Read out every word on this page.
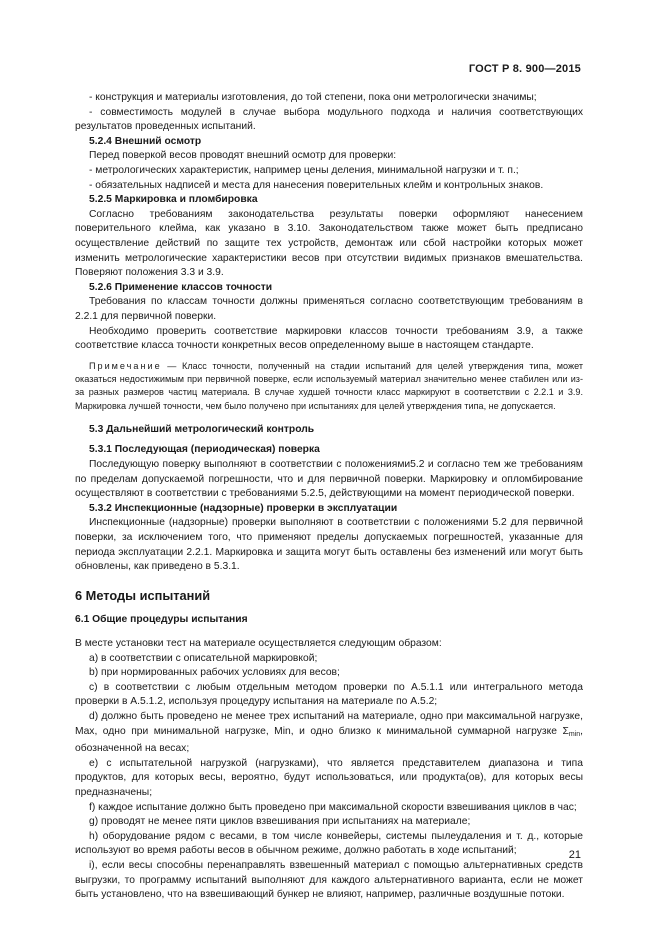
ГОСТ Р 8. 900—2015

- конструкция и материалы изготовления, до той степени, пока они метрологически значимы;

- совместимость модулей в случае выбора модульного подхода и наличия соответствующих результатов проведенных испытаний.

5.2.4 Внешний осмотр

Перед поверкой весов проводят внешний осмотр для проверки:

- метрологических характеристик, например цены деления, минимальной нагрузки и т. п.;

- обязательных надписей и места для нанесения поверительных клейм и контрольных знаков.

5.2.5 Маркировка и пломбировка

Согласно требованиям законодательства результаты поверки оформляют нанесением поверительного клейма, как указано в 3.10. Законодательством также может быть предписано осуществление действий по защите тех устройств, демонтаж или сбой настройки которых может изменить метрологические характеристики весов при отсутствии видимых признаков вмешательства. Поверяют положения 3.3 и 3.9.

5.2.6 Применение классов точности

Требования по классам точности должны применяться согласно соответствующим требованиям в 2.2.1 для первичной поверки.

Необходимо проверить соответствие маркировки классов точности требованиям 3.9, а также соответствие класса точности конкретных весов определенному выше в настоящем стандарте.

Примечание — Класс точности, полученный на стадии испытаний для целей утверждения типа, может оказаться недостижимым при первичной поверке, если используемый материал значительно менее стабилен или из-за разных размеров частиц материала. В случае худшей точности класс маркируют в соответствии с 2.2.1 и 3.9. Маркировка лучшей точности, чем было получено при испытаниях для целей утверждения типа, не допускается.

5.3 Дальнейший метрологический контроль

5.3.1 Последующая (периодическая) поверка

Последующую поверку выполняют в соответствии с положениями5.2 и согласно тем же требованиям по пределам допускаемой погрешности, что и для первичной поверки. Маркировку и опломбирование осуществляют в соответствии с требованиями 5.2.5, действующими на момент периодической поверки.

5.3.2 Инспекционные (надзорные) проверки в эксплуатации

Инспекционные (надзорные) проверки выполняют в соответствии с положениями 5.2 для первичной поверки, за исключением того, что применяют пределы допускаемых погрешностей, указанные для периода эксплуатации 2.2.1. Маркировка и защита могут быть оставлены без изменений или могут быть обновлены, как приведено в 5.3.1.

6 Методы испытаний

6.1 Общие процедуры испытания

В месте установки тест на материале осуществляется следующим образом:

a) в соответствии с описательной маркировкой;

b) при нормированных рабочих условиях для весов;

c) в соответствии с любым отдельным методом проверки по А.5.1.1 или интегрального метода проверки в А.5.1.2, используя процедуру испытания на материале по А.5.2;

d) должно быть проведено не менее трех испытаний на материале, одно при максимальной нагрузке, Max, одно при минимальной нагрузке, Min, и одно близко к минимальной суммарной нагрузке $\Sigma_{min}$, обозначенной на весах;

e) с испытательной нагрузкой (нагрузками), что является представителем диапазона и типа продуктов, для которых весы, вероятно, будут использоваться, или продукта(ов), для которых весы предназначены;

f) каждое испытание должно быть проведено при максимальной скорости взвешивания циклов в час;

g) проводят не менее пяти циклов взвешивания при испытаниях на материале;

h) оборудование рядом с весами, в том числе конвейеры, системы пылеудаления и т. д., которые используют во время работы весов в обычном режиме, должно работать в ходе испытаний;

i), если весы способны перенаправлять взвешенный материал с помощью альтернативных средств выгрузки, то программу испытаний выполняют для каждого альтернативного варианта, если не может быть установлено, что на взвешивающий бункер не влияют, например, различные воздушные потоки.

21
